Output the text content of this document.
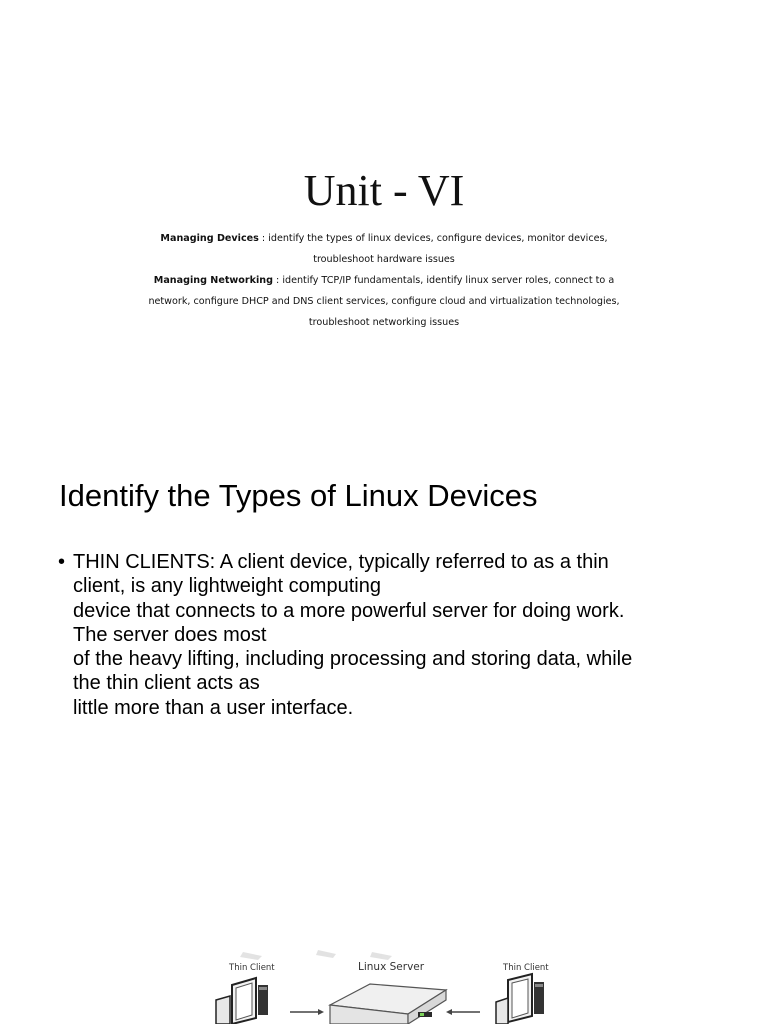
Unit - VI
Managing Devices : identify the types of linux devices, configure devices, monitor devices,
troubleshoot hardware issues
Managing Networking : identify TCP/IP fundamentals, identify linux server roles, connect to a
network, configure DHCP and DNS client services, configure cloud and virtualization technologies,
troubleshoot networking issues
Identify the Types of Linux Devices
• THIN CLIENTS: A client device, typically referred to as a thin
client, is any lightweight computing
device that connects to a more powerful server for doing work.
The server does most
of the heavy lifting, including processing and storing data, while
the thin client acts as
little more than a user interface.
Thin Client	Linux Server	Thin Client
